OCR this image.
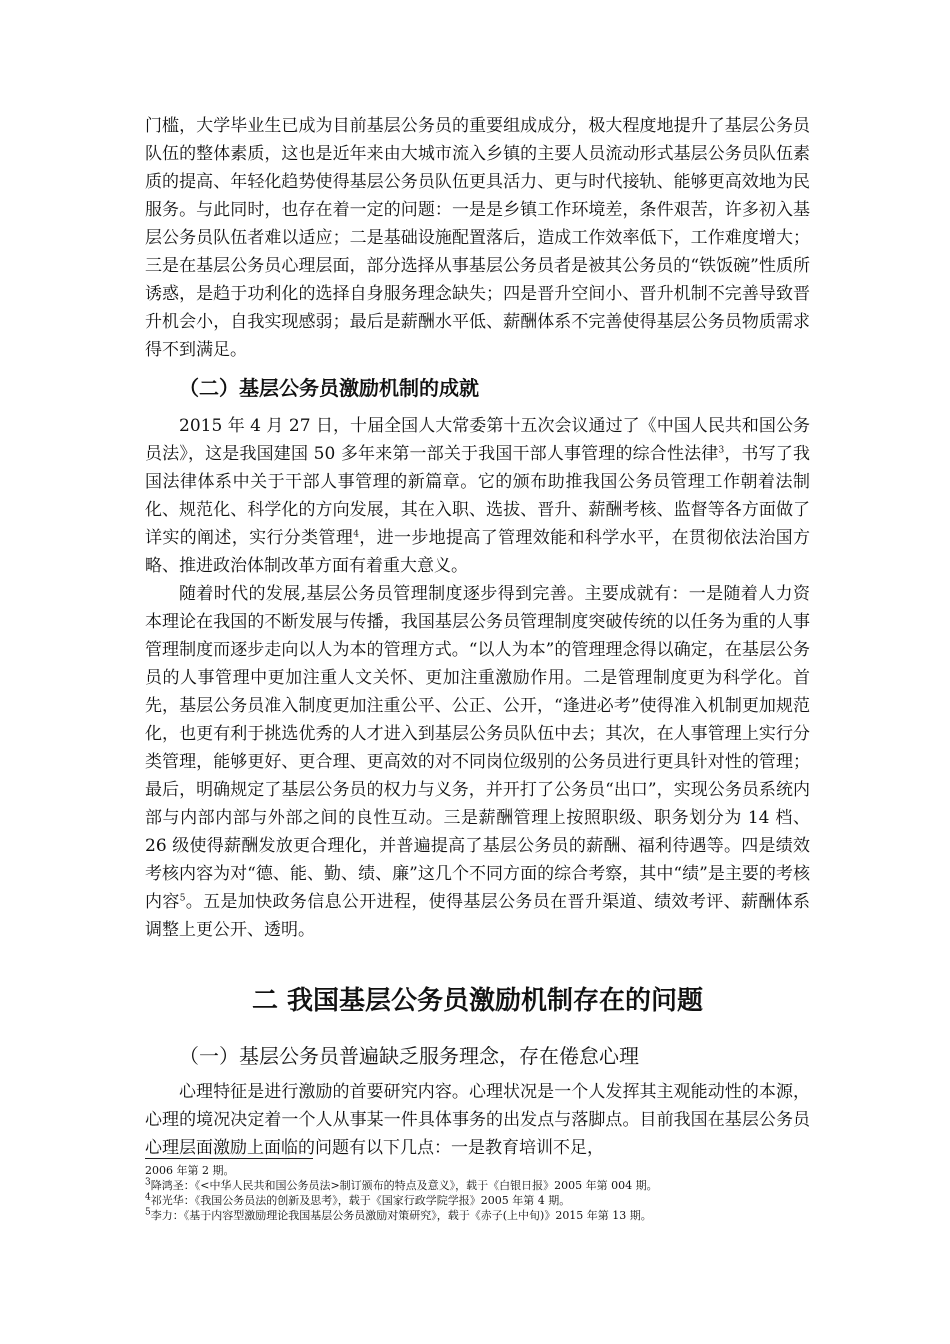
门槛，大学毕业生已成为目前基层公务员的重要组成成分，极大程度地提升了基层公务员队伍的整体素质，这也是近年来由大城市流入乡镇的主要人员流动形式基层公务员队伍素质的提高、年轻化趋势使得基层公务员队伍更具活力、更与时代接轨、能够更高效地为民服务。与此同时，也存在着一定的问题：一是是乡镇工作环境差，条件艰苦，许多初入基层公务员队伍者难以适应；二是基础设施配置落后，造成工作效率低下，工作难度增大；三是在基层公务员心理层面，部分选择从事基层公务员者是被其公务员的“铁饭碗”性质所诱惑，是趋于功利化的选择自身服务理念缺失；四是晋升空间小、晋升机制不完善导致晋升机会小，自我实现感弱；最后是薪酬水平低、薪酬体系不完善使得基层公务员物质需求得不到满足。

（二）基层公务员激励机制的成就

2015 年 4 月 27 日，十届全国人大常委第十五次会议通过了《中国人民共和国公务员法》，这是我国建国 50 多年来第一部关于我国干部人事管理的综合性法律$^3$，书写了我国法律体系中关于干部人事管理的新篇章。它的颁布助推我国公务员管理工作朝着法制化、规范化、科学化的方向发展，其在入职、选拔、晋升、薪酬考核、监督等各方面做了详实的阐述，实行分类管理$^4$，进一步地提高了管理效能和科学水平，在贯彻依法治国方略、推进政治体制改革方面有着重大意义。

随着时代的发展,基层公务员管理制度逐步得到完善。主要成就有：一是随着人力资本理论在我国的不断发展与传播，我国基层公务员管理制度突破传统的以任务为重的人事管理制度而逐步走向以人为本的管理方式。“以人为本”的管理理念得以确定，在基层公务员的人事管理中更加注重人文关怀、更加注重激励作用。二是管理制度更为科学化。首先，基层公务员准入制度更加注重公平、公正、公开，“逢进必考”使得准入机制更加规范化，也更有利于挑选优秀的人才进入到基层公务员队伍中去；其次，在人事管理上实行分类管理，能够更好、更合理、更高效的对不同岗位级别的公务员进行更具针对性的管理；最后，明确规定了基层公务员的权力与义务，并开打了公务员“出口”，实现公务员系统内部与内部内部与外部之间的良性互动。三是薪酬管理上按照职级、职务划分为 14 档、26 级使得薪酬发放更合理化，并普遍提高了基层公务员的薪酬、福利待遇等。四是绩效考核内容为对“德、能、勤、绩、廉”这几个不同方面的综合考察，其中“绩”是主要的考核内容$^5$。五是加快政务信息公开进程，使得基层公务员在晋升渠道、绩效考评、薪酬体系调整上更公开、透明。

二 我国基层公务员激励机制存在的问题
（一）基层公务员普遍缺乏服务理念，存在倦怠心理

心理特征是进行激励的首要研究内容。心理状况是一个人发挥其主观能动性的本源，心理的境况决定着一个人从事某一件具体事务的出发点与落脚点。目前我国在基层公务员心理层面激励上面临的问题有以下几点：一是教育培训不足，

2006 年第 2 期。

$^3$降鸿圣：《<中华人民共和国公务员法>制订颁布的特点及意义》，载于《白银日报》2005 年第 004 期。

$^4$祁光华：《我国公务员法的创新及思考》，载于《国家行政学院学报》2005 年第 4 期。

$^5$李力：《基于内容型激励理论我国基层公务员激励对策研究》，载于《赤子(上中旬)》2015 年第 13 期。
